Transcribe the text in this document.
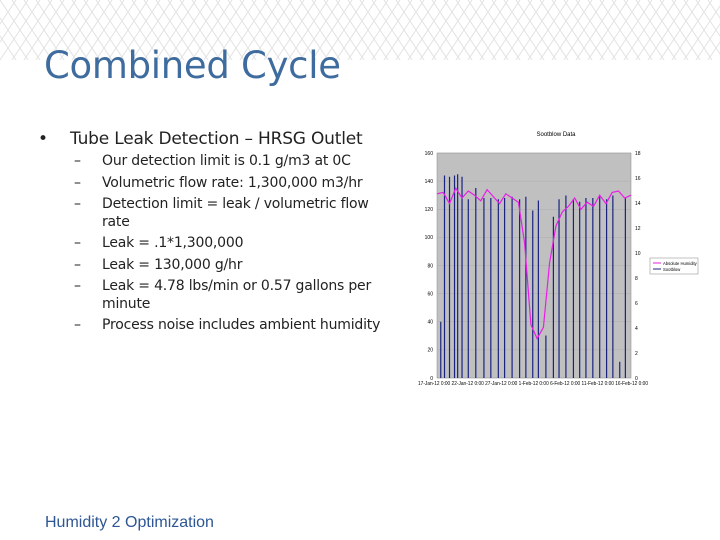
Combined Cycle
• Tube Leak Detection – HRSG Outlet
– Our detection limit is 0.1 g/m3 at 0C
– Volumetric flow rate: 1,300,000 m3/hr
– Detection limit = leak / volumetric flow rate
– Leak = .1*1,300,000
– Leak = 130,000 g/hr
– Leak = 4.78 lbs/min or 0.57 gallons per minute
– Process noise includes ambient humidity
Sootblow Data
0
20
40
60
80
100
120
140
160
0
2
4
6
8
10
12
14
16
18
17-Jan-12 0:00 22-Jan-12 0:00 27-Jan-12 0:00 1-Feb-12 0:00 6-Feb-12 0:00 11-Feb-12 0:00 16-Feb-12 0:00
Absolute Humidity
Sootblow
Humidity 2 Optimization
